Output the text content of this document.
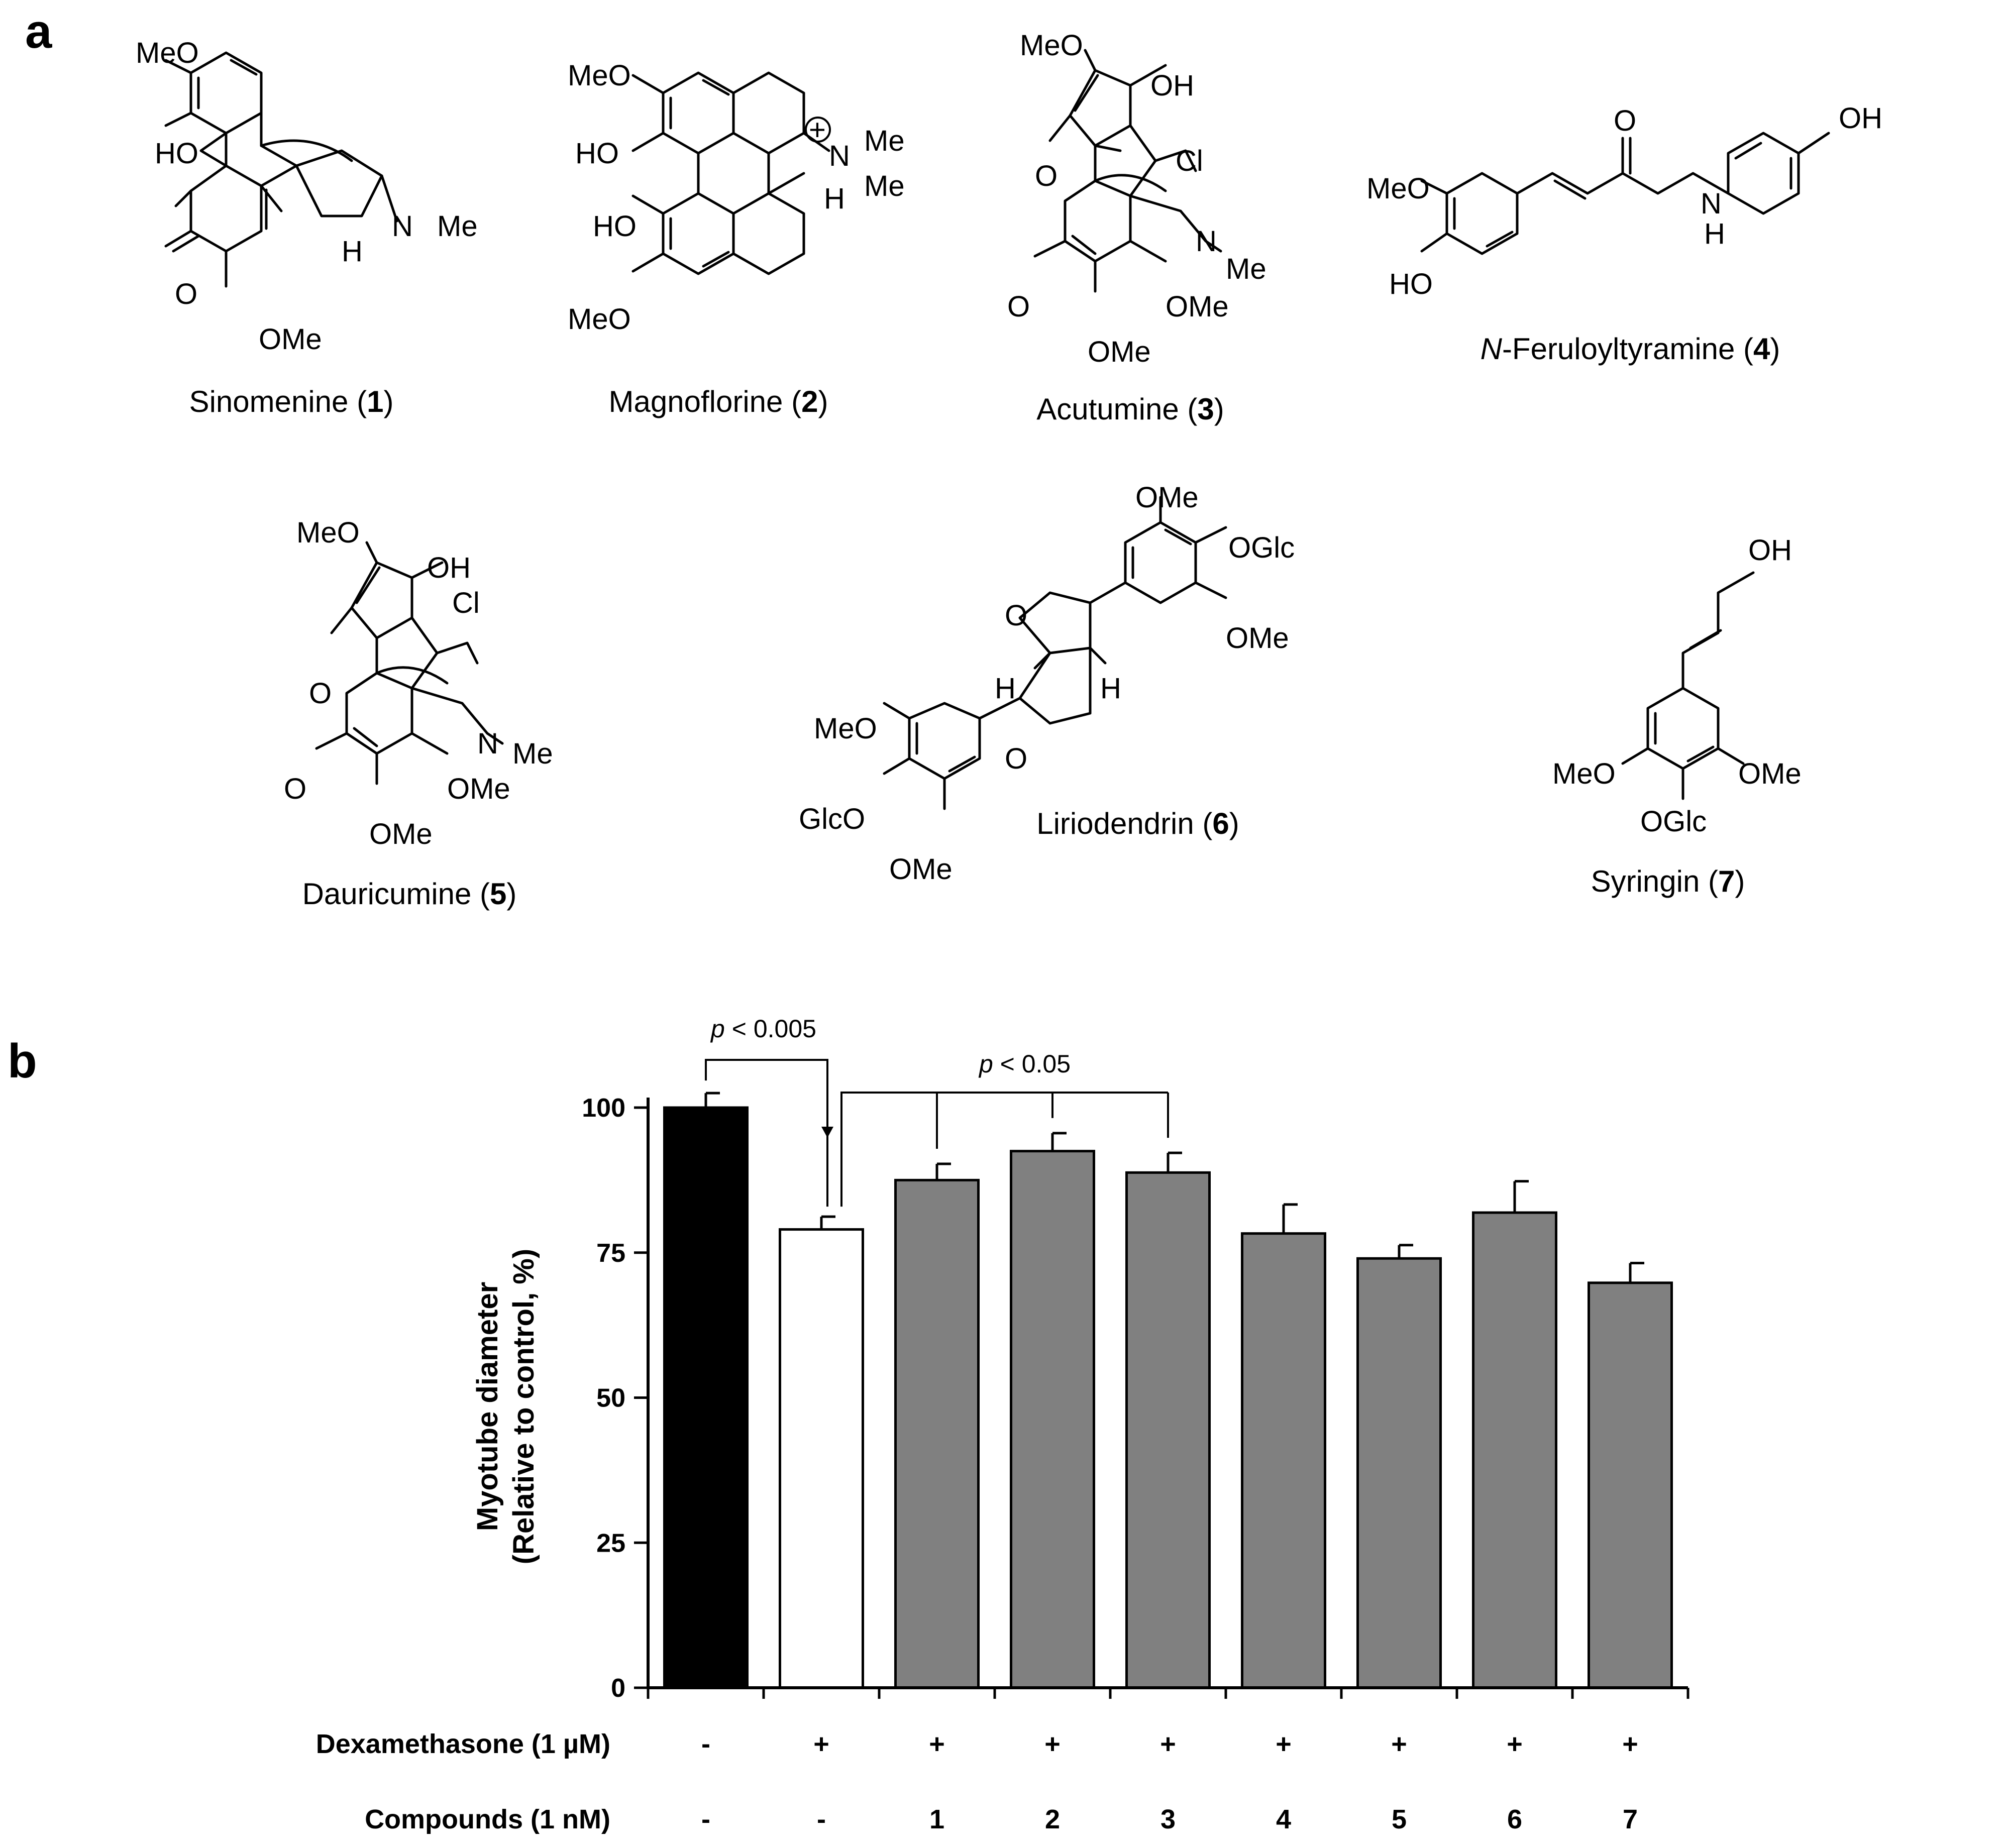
a	MeO
HO
O
OMe
N Me
H
MeO
HO
HO
MeO
N Me
Me
H
+
MeO
OH
O	Cl
N
Me
O	OMe
OMe
MeO
HO
O
N
H
OH
MeO
OH
O
Cl
N Me
O	OMe
OMe
OMe
OGlc
OMe
O
O
H
H
MeO
GlcO
OMe
OH
MeO	OMe
OGlc
Sinomenine (1)	Magnoflorine (2)	Acutumine (3)
N-Feruloyltyramine (4)
Dauricumine (5)
Liriodendrin (6)
Syringin (7)
b
Myotube diameter (Relative to control, %)
0
25
50
75
100
p < 0.005
p < 0.05
Dexamethasone (1 µM)	-	+	+	+	+	+	+	+	+
Compounds (1 nM)	-	-	1	2	3	4	5	6	7
